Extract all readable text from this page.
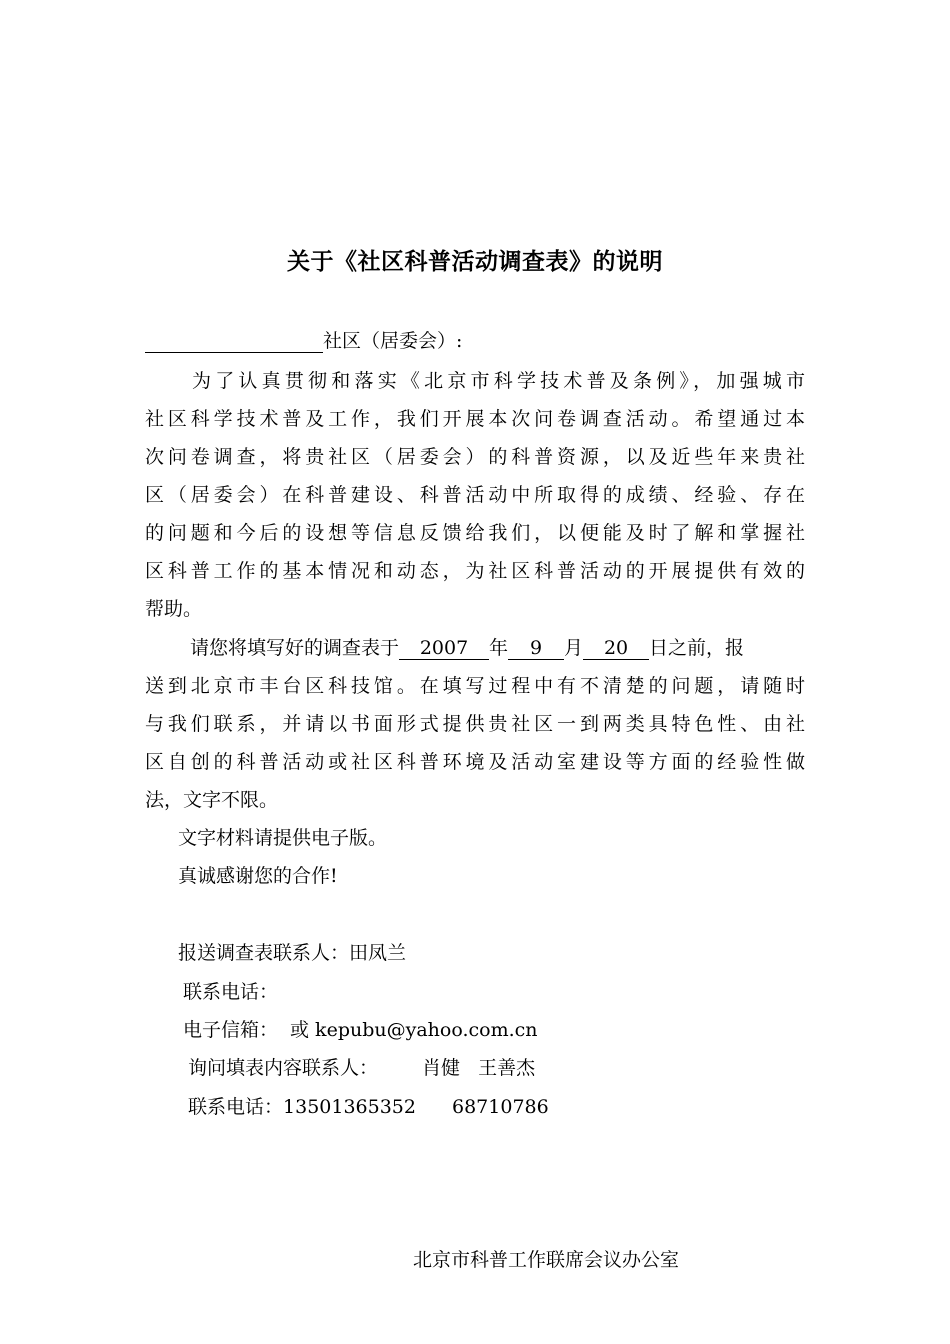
关于《社区科普活动调查表》的说明
社区（居委会）:
为了认真贯彻和落实《北京市科学技术普及条例》，加强城市
社区科学技术普及工作，我们开展本次问卷调查活动。希望通过本
次问卷调查，将贵社区（居委会）的科普资源，以及近些年来贵社
区（居委会）在科普建设、科普活动中所取得的成绩、经验、存在
的问题和今后的设想等信息反馈给我们，以便能及时了解和掌握社
区科普工作的基本情况和动态，为社区科普活动的开展提供有效的
帮助。
请您将填写好的调查表于 2007 年 9 月 20 日之前，报
送到北京市丰台区科技馆。在填写过程中有不清楚的问题，请随时
与我们联系，并请以书面形式提供贵社区一到两类具特色性、由社
区自创的科普活动或社区科普环境及活动室建设等方面的经验性做
法，文字不限。
文字材料请提供电子版。
真诚感谢您的合作!
报送调查表联系人：田凤兰
联系电话：
电子信箱： 或 kepubu@yahoo.com.cn
询问填表内容联系人： 肖健   王善杰
联系电话：13501365352 68710786
北京市科普工作联席会议办公室
